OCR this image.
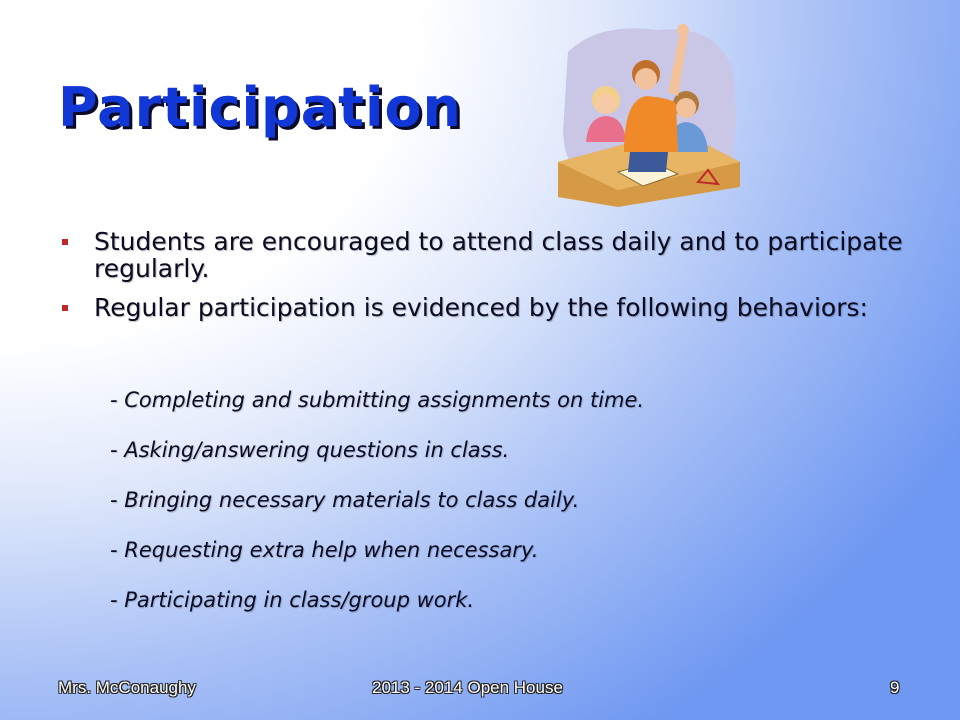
Participation
Students are encouraged to attend class daily and to participate regularly.
Regular participation is evidenced by the following behaviors:
- Completing and submitting assignments on time.
- Asking/answering questions in class.
- Bringing necessary materials to class daily.
- Requesting extra help when necessary.
- Participating in class/group work.
Mrs. McConaughy	2013 - 2014 Open House	9
